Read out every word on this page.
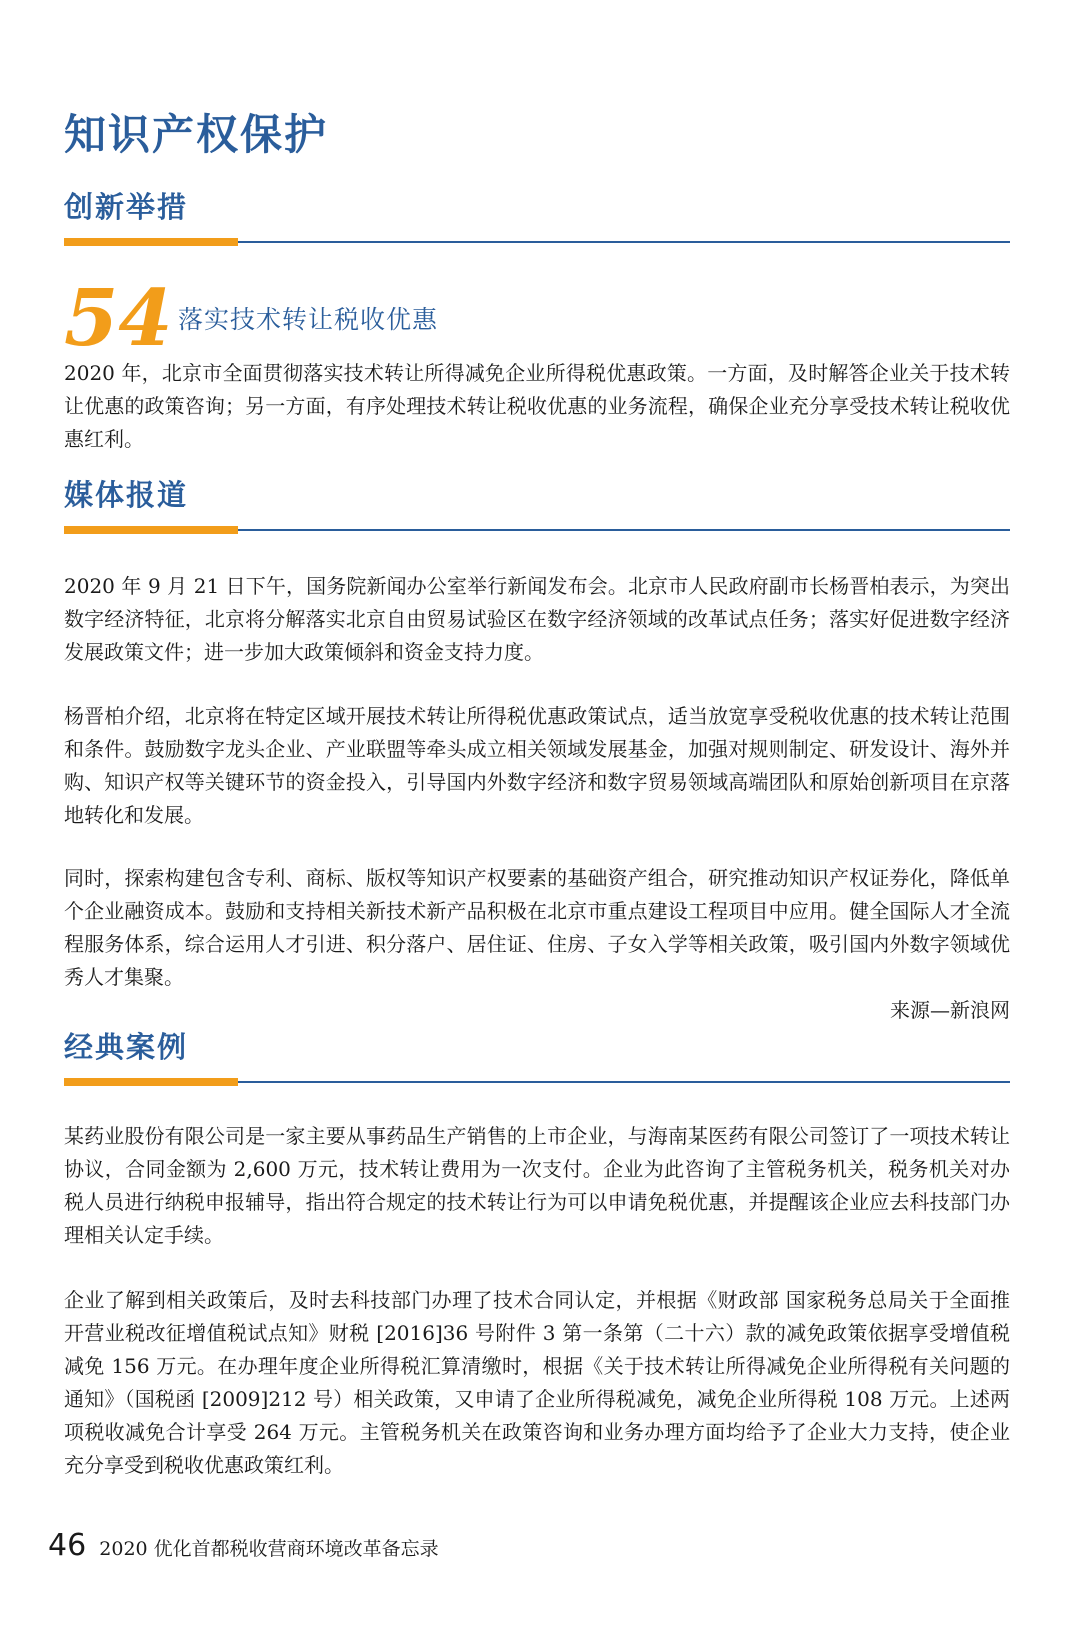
知识产权保护
创新举措
54 落实技术转让税收优惠

2020 年，北京市全面贯彻落实技术转让所得减免企业所得税优惠政策。一方面，及时解答企业关于技术转让优惠的政策咨询；另一方面，有序处理技术转让税收优惠的业务流程，确保企业充分享受技术转让税收优惠红利。

媒体报道

2020 年 9 月 21 日下午，国务院新闻办公室举行新闻发布会。北京市人民政府副市长杨晋柏表示，为突出数字经济特征，北京将分解落实北京自由贸易试验区在数字经济领域的改革试点任务；落实好促进数字经济发展政策文件；进一步加大政策倾斜和资金支持力度。

杨晋柏介绍，北京将在特定区域开展技术转让所得税优惠政策试点，适当放宽享受税收优惠的技术转让范围和条件。鼓励数字龙头企业、产业联盟等牵头成立相关领域发展基金，加强对规则制定、研发设计、海外并购、知识产权等关键环节的资金投入，引导国内外数字经济和数字贸易领域高端团队和原始创新项目在京落地转化和发展。

同时，探索构建包含专利、商标、版权等知识产权要素的基础资产组合，研究推动知识产权证券化，降低单个企业融资成本。鼓励和支持相关新技术新产品积极在北京市重点建设工程项目中应用。健全国际人才全流程服务体系，综合运用人才引进、积分落户、居住证、住房、子女入学等相关政策，吸引国内外数字领域优秀人才集聚。

来源—新浪网
经典案例

某药业股份有限公司是一家主要从事药品生产销售的上市企业，与海南某医药有限公司签订了一项技术转让协议，合同金额为 2,600 万元，技术转让费用为一次支付。企业为此咨询了主管税务机关，税务机关对办税人员进行纳税申报辅导，指出符合规定的技术转让行为可以申请免税优惠，并提醒该企业应去科技部门办理相关认定手续。

企业了解到相关政策后，及时去科技部门办理了技术合同认定，并根据《财政部 国家税务总局关于全面推开营业税改征增值税试点知》财税 [2016]36 号附件 3 第一条第（二十六）款的减免政策依据享受增值税减免 156 万元。在办理年度企业所得税汇算清缴时，根据《关于技术转让所得减免企业所得税有关问题的通知》（国税函 [2009]212 号）相关政策，又申请了企业所得税减免，减免企业所得税 108 万元。上述两项税收减免合计享受 264 万元。主管税务机关在政策咨询和业务办理方面均给予了企业大力支持，使企业充分享受到税收优惠政策红利。

46 2020 优化首都税收营商环境改革备忘录
